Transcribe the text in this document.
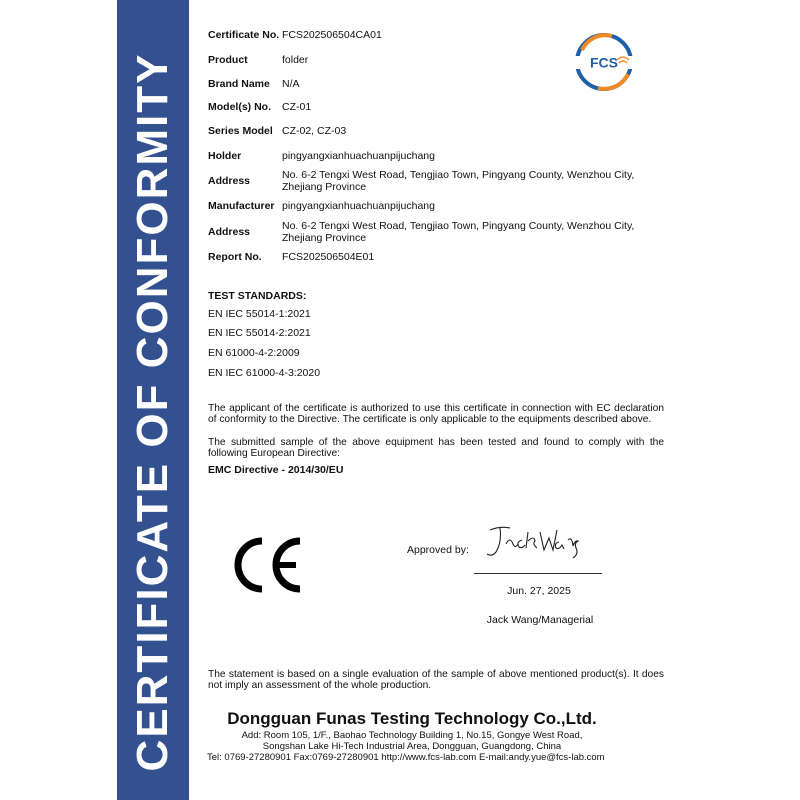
CERTIFICATE OF CONFORMITY	FCS
Certificate No. FCS202506504CA01
Product	folder
Brand Name N/A
Model(s) No. CZ-01
Series Model CZ-02, CZ-03
Holder	pingyangxianhuachuanpijuchang
Address	No. 6-2 Tengxi West Road, Tengjiao Town, Pingyang County, Wenzhou City, Zhejiang Province
Manufacturer pingyangxianhuachuanpijuchang
Address	No. 6-2 Tengxi West Road, Tengjiao Town, Pingyang County, Wenzhou City, Zhejiang Province
Report No. FCS202506504E01
TEST STANDARDS:
EN IEC 55014-1:2021
EN IEC 55014-2:2021
EN 61000-4-2:2009
EN IEC 61000-4-3:2020
The applicant of the certificate is authorized to use this certificate in connection with EC declaration of conformity to the Directive. The certificate is only applicable to the equipments described above.
The submitted sample of the above equipment has been tested and found to comply with the following European Directive:
EMC Directive - 2014/30/EU
Approved by:
Jun. 27, 2025
Jack Wang/Managerial
The statement is based on a single evaluation of the sample of above mentioned product(s). It does not imply an assessment of the whole production.
Dongguan Funas Testing Technology Co.,Ltd.
Add: Room 105, 1/F., Baohao Technology Building 1, No.15, Gongye West Road,
Songshan Lake Hi-Tech Industrial Area, Dongguan, Guangdong, China
Tel: 0769-27280901 Fax:0769-27280901 http://www.fcs-lab.com E-mail:andy.yue@fcs-lab.com
